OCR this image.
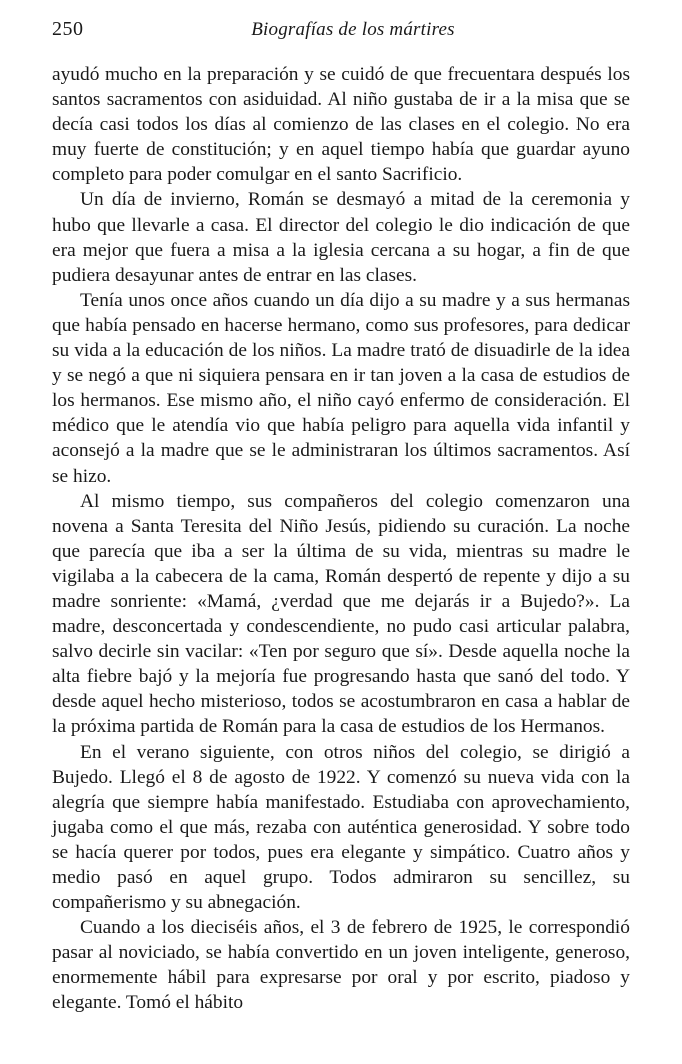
250	Biografías de los mártires

ayudó mucho en la preparación y se cuidó de que frecuentara después los santos sacramentos con asiduidad. Al niño gustaba de ir a la misa que se decía casi todos los días al comienzo de las clases en el colegio. No era muy fuerte de constitución; y en aquel tiempo había que guardar ayuno completo para poder comulgar en el santo Sacrificio.

Un día de invierno, Román se desmayó a mitad de la ceremonia y hubo que llevarle a casa. El director del colegio le dio indicación de que era mejor que fuera a misa a la iglesia cercana a su hogar, a fin de que pudiera desayunar antes de entrar en las clases.

Tenía unos once años cuando un día dijo a su madre y a sus hermanas que había pensado en hacerse hermano, como sus profesores, para dedicar su vida a la educación de los niños. La madre trató de disuadirle de la idea y se negó a que ni siquiera pensara en ir tan joven a la casa de estudios de los hermanos. Ese mismo año, el niño cayó enfermo de consideración. El médico que le atendía vio que había peligro para aquella vida infantil y aconsejó a la madre que se le administraran los últimos sacramentos. Así se hizo.

Al mismo tiempo, sus compañeros del colegio comenzaron una novena a Santa Teresita del Niño Jesús, pidiendo su curación. La noche que parecía que iba a ser la última de su vida, mientras su madre le vigilaba a la cabecera de la cama, Román despertó de repente y dijo a su madre sonriente: «Mamá, ¿verdad que me dejarás ir a Bujedo?». La madre, desconcertada y condescendiente, no pudo casi articular palabra, salvo decirle sin vacilar: «Ten por seguro que sí». Desde aquella noche la alta fiebre bajó y la mejoría fue progresando hasta que sanó del todo. Y desde aquel hecho misterioso, todos se acostumbraron en casa a hablar de la próxima partida de Román para la casa de estudios de los Hermanos.

En el verano siguiente, con otros niños del colegio, se dirigió a Bujedo. Llegó el 8 de agosto de 1922. Y comenzó su nueva vida con la alegría que siempre había manifestado. Estudiaba con aprovechamiento, jugaba como el que más, rezaba con auténtica generosidad. Y sobre todo se hacía querer por todos, pues era elegante y simpático. Cuatro años y medio pasó en aquel grupo. Todos admiraron su sencillez, su compañerismo y su abnegación.

Cuando a los dieciséis años, el 3 de febrero de 1925, le correspondió pasar al noviciado, se había convertido en un joven inteligente, generoso, enormemente hábil para expresarse por oral y por escrito, piadoso y elegante. Tomó el hábito
